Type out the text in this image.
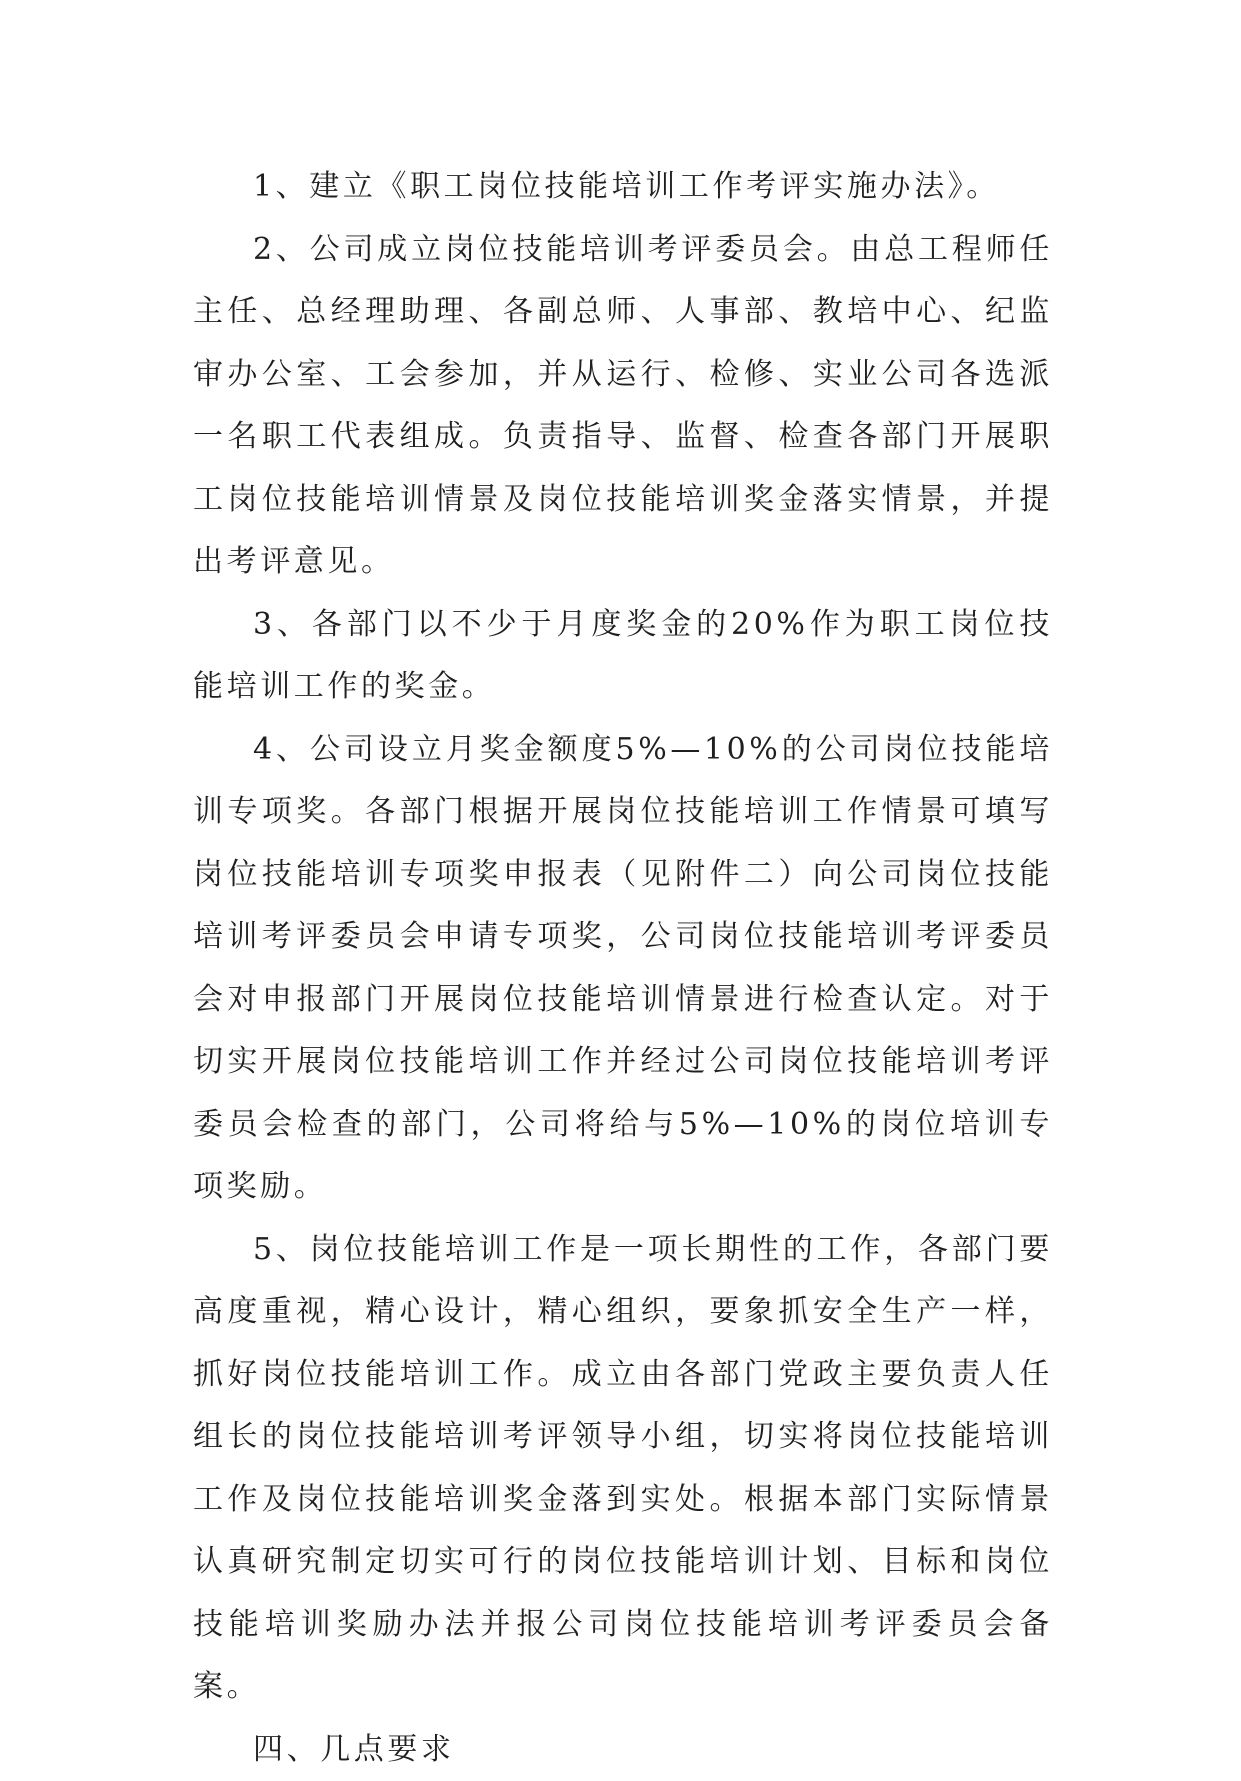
1、建立《职工岗位技能培训工作考评实施办法》。

2、公司成立岗位技能培训考评委员会。由总工程师任主任、总经理助理、各副总师、人事部、教培中心、纪监审办公室、工会参加，并从运行、检修、实业公司各选派一名职工代表组成。负责指导、监督、检查各部门开展职工岗位技能培训情景及岗位技能培训奖金落实情景，并提出考评意见。

3、各部门以不少于月度奖金的20%作为职工岗位技能培训工作的奖金。

4、公司设立月奖金额度5%—10%的公司岗位技能培训专项奖。各部门根据开展岗位技能培训工作情景可填写岗位技能培训专项奖申报表（见附件二）向公司岗位技能培训考评委员会申请专项奖，公司岗位技能培训考评委员会对申报部门开展岗位技能培训情景进行检查认定。对于切实开展岗位技能培训工作并经过公司岗位技能培训考评委员会检查的部门，公司将给与5%—10%的岗位培训专项奖励。

5、岗位技能培训工作是一项长期性的工作，各部门要高度重视，精心设计，精心组织，要象抓安全生产一样，抓好岗位技能培训工作。成立由各部门党政主要负责人任组长的岗位技能培训考评领导小组，切实将岗位技能培训工作及岗位技能培训奖金落到实处。根据本部门实际情景认真研究制定切实可行的岗位技能培训计划、目标和岗位技能培训奖励办法并报公司岗位技能培训考评委员会备案。

四、几点要求
